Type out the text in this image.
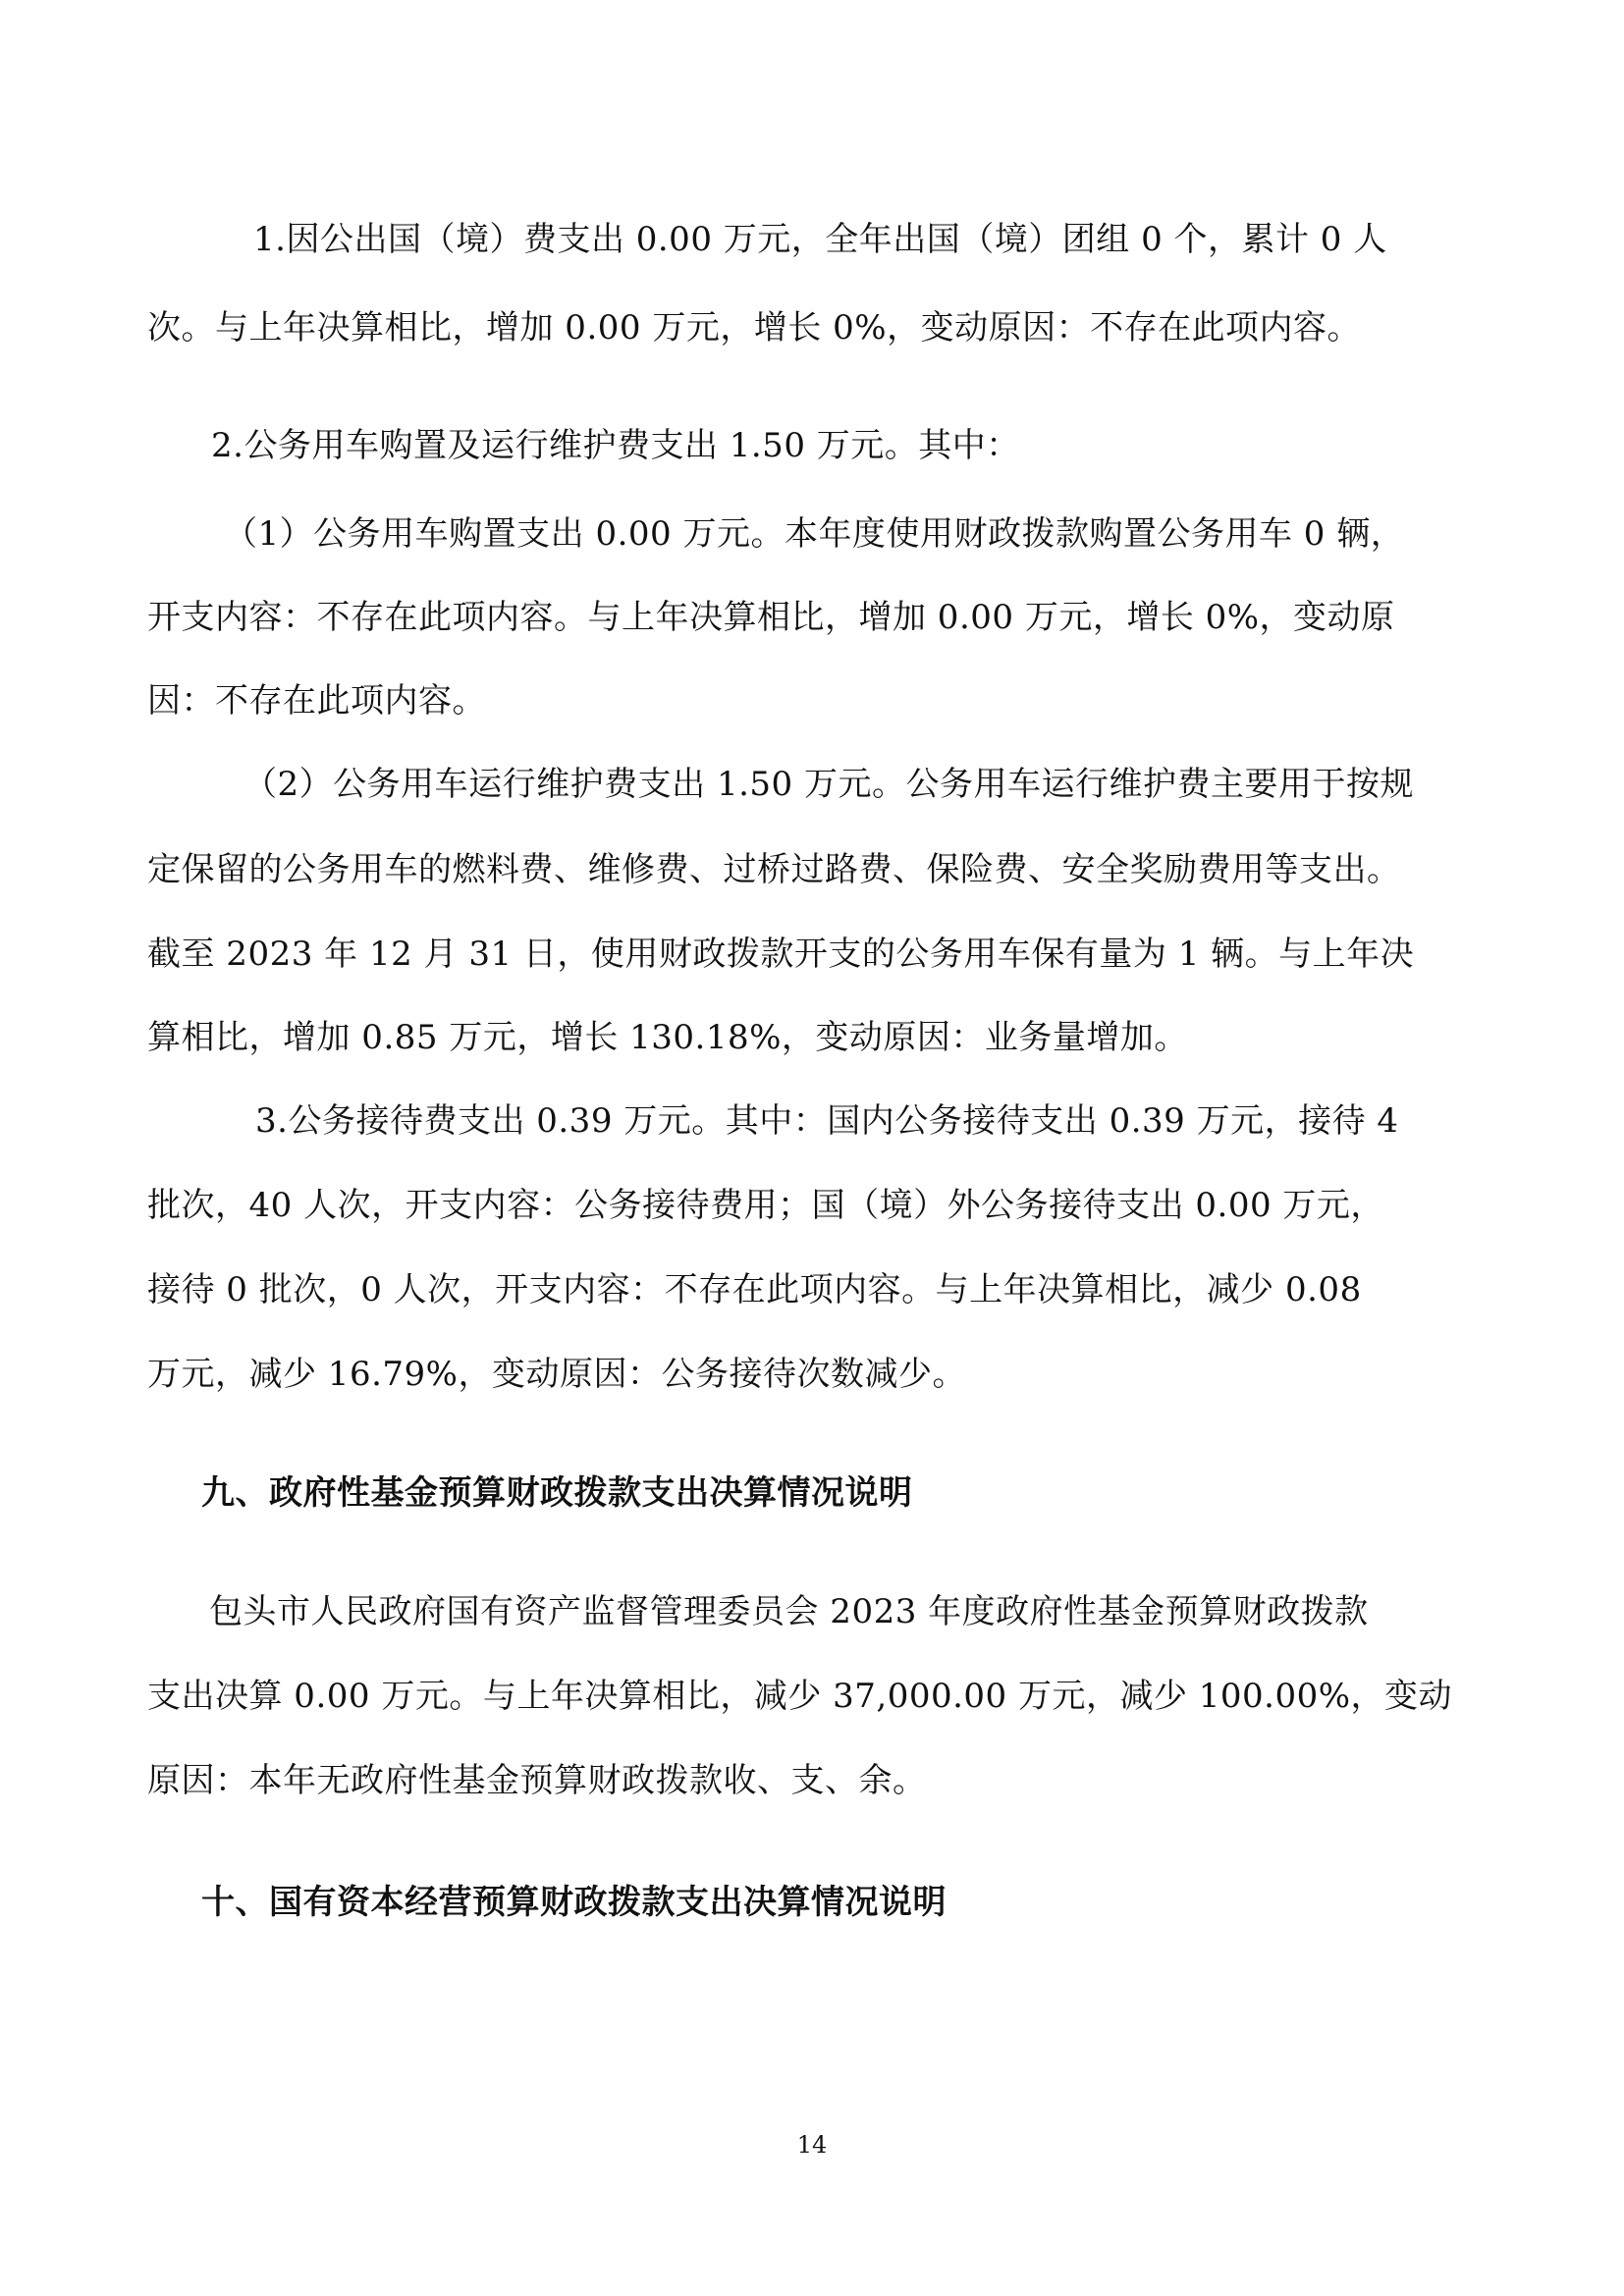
1.因公出国（境）费支出 0.00 万元，全年出国（境）团组 0 个，累计 0 人
次。与上年决算相比，增加 0.00 万元，增长 0%，变动原因：不存在此项内容。
2.公务用车购置及运行维护费支出 1.50 万元。其中：
（1）公务用车购置支出 0.00 万元。本年度使用财政拨款购置公务用车 0 辆，
开支内容：不存在此项内容。与上年决算相比，增加 0.00 万元，增长 0%，变动原
因：不存在此项内容。
（2）公务用车运行维护费支出 1.50 万元。公务用车运行维护费主要用于按规
定保留的公务用车的燃料费、维修费、过桥过路费、保险费、安全奖励费用等支出。
截至 2023 年 12 月 31 日，使用财政拨款开支的公务用车保有量为 1 辆。与上年决
算相比，增加 0.85 万元，增长 130.18%，变动原因：业务量增加。
3.公务接待费支出 0.39 万元。其中：国内公务接待支出 0.39 万元，接待 4
批次，40 人次，开支内容：公务接待费用；国（境）外公务接待支出 0.00 万元，
接待 0 批次，0 人次，开支内容：不存在此项内容。与上年决算相比，减少 0.08
万元，减少 16.79%，变动原因：公务接待次数减少。
九、政府性基金预算财政拨款支出决算情况说明
包头市人民政府国有资产监督管理委员会 2023 年度政府性基金预算财政拨款
支出决算 0.00 万元。与上年决算相比，减少 37,000.00 万元，减少 100.00%，变动
原因：本年无政府性基金预算财政拨款收、支、余。
十、国有资本经营预算财政拨款支出决算情况说明
14
